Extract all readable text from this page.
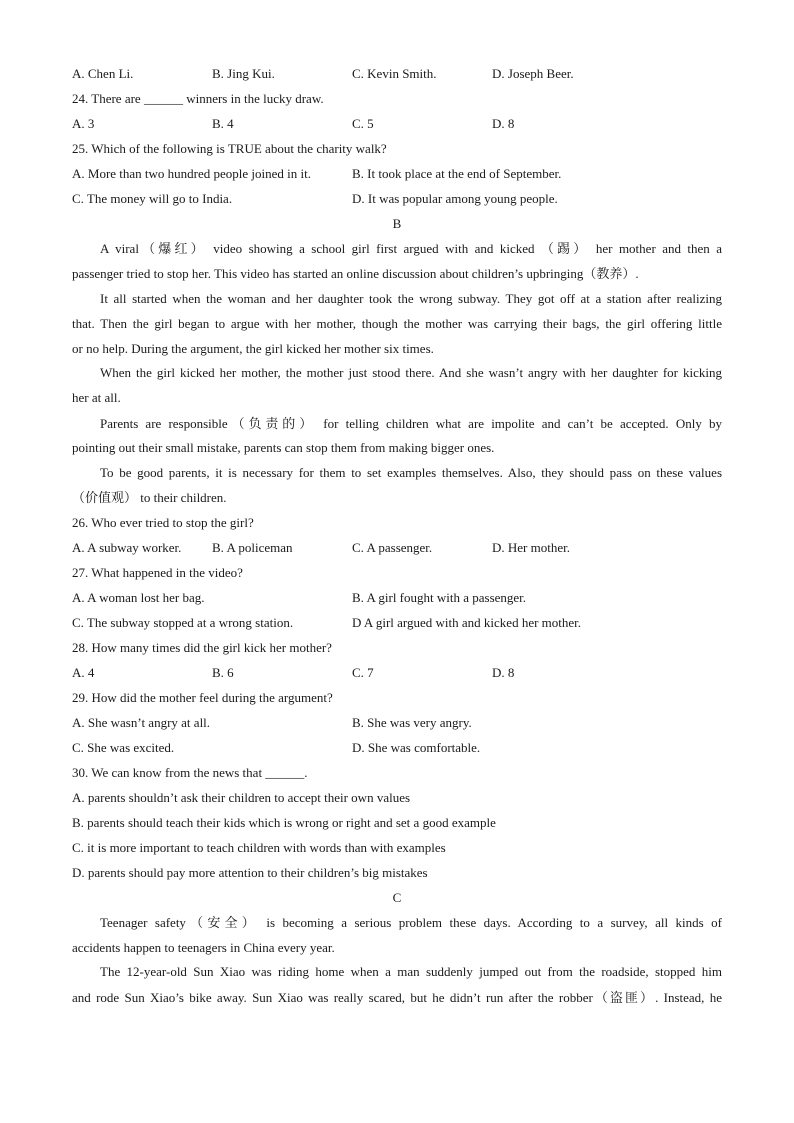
A. Chen Li.	B. Jing Kui.	C. Kevin Smith.	D. Joseph Beer.
24. There are ______ winners in the lucky draw.
A. 3	B. 4	C. 5	D. 8
25. Which of the following is TRUE about the charity walk?
A. More than two hundred people joined in it.	B. It took place at the end of September.
C. The money will go to India.	D. It was popular among young people.
B
A viral（爆红） video showing a school girl first argued with and kicked （踢） her mother and then a
passenger tried to stop her. This video has started an online discussion about children’s upbringing（教养）.
It all started when the woman and her daughter took the wrong subway. They got off at a station after realizing
that. Then the girl began to argue with her mother, though the mother was carrying their bags, the girl offering little
or no help. During the argument, the girl kicked her mother six times.
When the girl kicked her mother, the mother just stood there. And she wasn’t angry with her daughter for kicking
her at all.
Parents are responsible（负责的） for telling children what are impolite and can’t be accepted. Only by
pointing out their small mistake, parents can stop them from making bigger ones.
To be good parents, it is necessary for them to set examples themselves. Also, they should pass on these values
（价值观） to their children.
26. Who ever tried to stop the girl?
A. A subway worker. B. A policeman	C. A passenger.	D. Her mother.
27. What happened in the video?
A. A woman lost her bag.	B. A girl fought with a passenger.
C. The subway stopped at a wrong station.	D A girl argued with and kicked her mother.
28. How many times did the girl kick her mother?
A. 4	B. 6	C. 7	D. 8
29. How did the mother feel during the argument?
A. She wasn’t angry at all.	B. She was very angry.
C. She was excited.	D. She was comfortable.
30. We can know from the news that ______.
A. parents shouldn’t ask their children to accept their own values
B. parents should teach their kids which is wrong or right and set a good example
C. it is more important to teach children with words than with examples
D. parents should pay more attention to their children’s big mistakes
C
Teenager safety（安全） is becoming a serious problem these days. According to a survey, all kinds of
accidents happen to teenagers in China every year.
The 12-year-old Sun Xiao was riding home when a man suddenly jumped out from the roadside, stopped him
and rode Sun Xiao’s bike away. Sun Xiao was really scared, but he didn’t run after the robber（盗匪）. Instead, he
